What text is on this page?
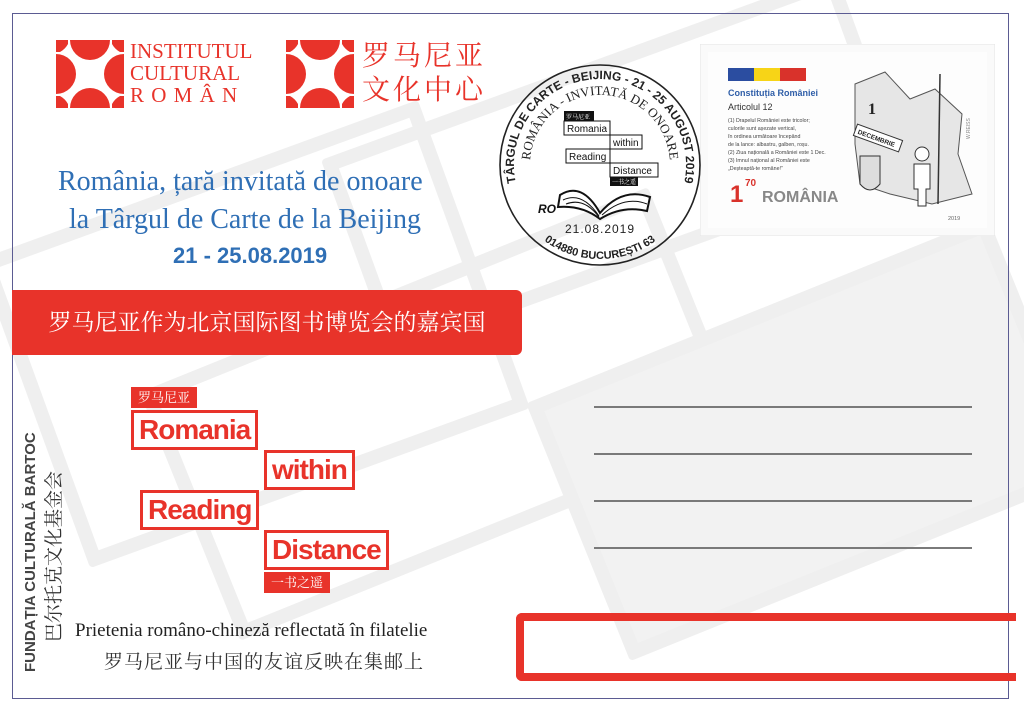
INSTITUTUL
CULTURAL
R O M Â N
罗马尼亚
文化中心
România, țară invitată de onoare
la Târgul de Carte de la Beijing
21 - 25.08.2019
罗马尼亚作为北京国际图书博览会的嘉宾国
罗马尼亚
Romania
within
Reading
Distance
一书之遥
Prietenia româno-chineză reflectată în filatelie
罗马尼亚与中国的友谊反映在集邮上
FUNDAȚIA CULTURALĂ BARTOC 巴尔托克文化基金会
Constituția României
Articolul 12
(1) Drapelul României este tricolor;
culorile sunt așezate vertical,
în ordinea următoare începând
de la lance: albastru, galben, roșu.
(2) Ziua națională a României este 1 Dec.
(3) Imnul național al României este
„Deșteaptă-te române!”
1
DECEMBRIE	W.REISS
1 70
ROMÂNIA
2019
TÂRGUL DE CARTE - BEIJING - 21 - 25 AUGUST 2019
ROMÂNIA - INVITATĂ DE ONOARE
罗马尼亚
Romania
within
Reading
Distance
一书之遥
RO
21.08.2019
014880 BUCUREȘTI 63
